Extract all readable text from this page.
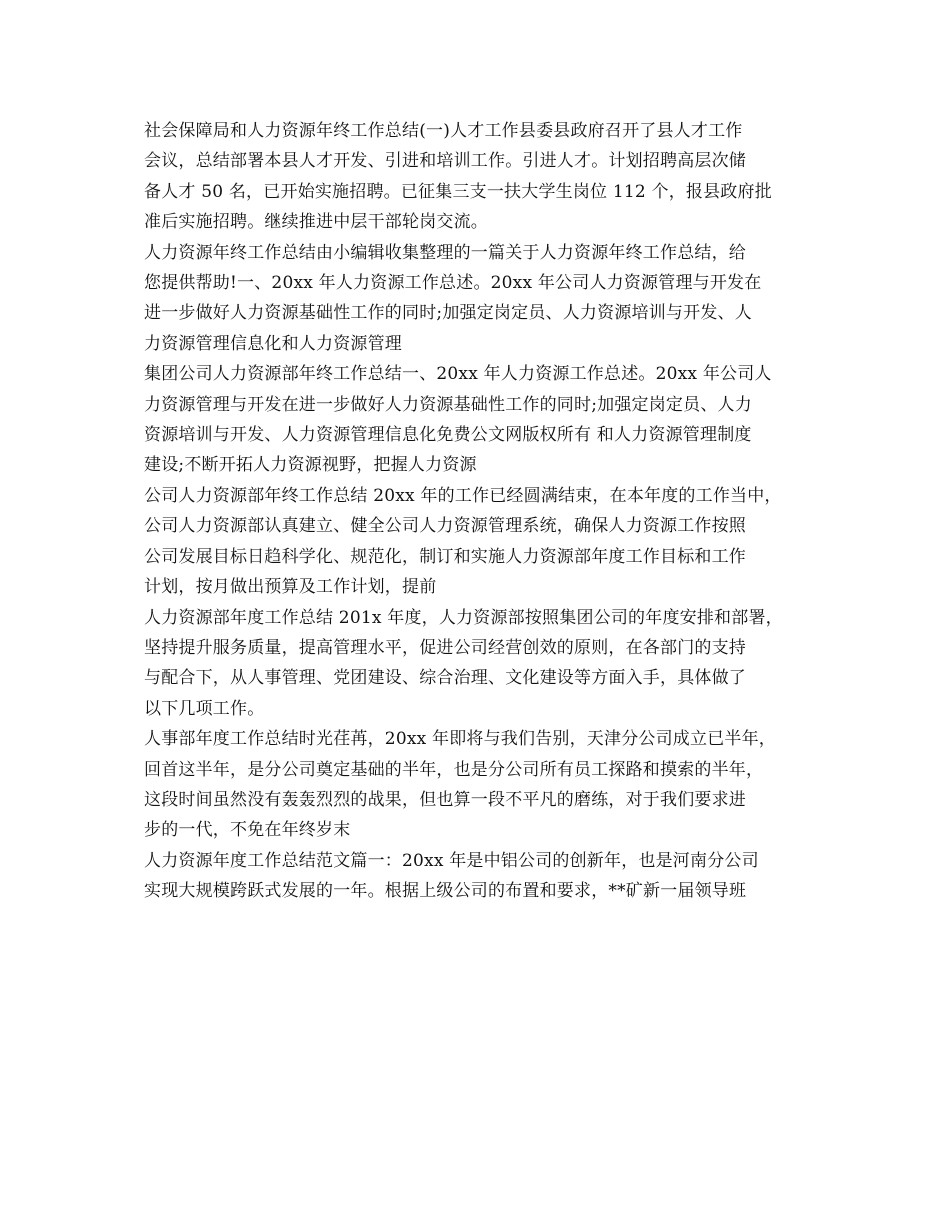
社会保障局和人力资源年终工作总结(一)人才工作县委县政府召开了县人才工作
会议，总结部署本县人才开发、引进和培训工作。引进人才。计划招聘高层次储
备人才 50 名，已开始实施招聘。已征集三支一扶大学生岗位 112 个，报县政府批
准后实施招聘。继续推进中层干部轮岗交流。

人力资源年终工作总结由小编辑收集整理的一篇关于人力资源年终工作总结，给
您提供帮助!一、20xx 年人力资源工作总述。20xx 年公司人力资源管理与开发在
进一步做好人力资源基础性工作的同时;加强定岗定员、人力资源培训与开发、人
力资源管理信息化和人力资源管理

集团公司人力资源部年终工作总结一、20xx 年人力资源工作总述。20xx 年公司人
力资源管理与开发在进一步做好人力资源基础性工作的同时;加强定岗定员、人力
资源培训与开发、人力资源管理信息化免费公文网版权所有 和人力资源管理制度
建设;不断开拓人力资源视野，把握人力资源

公司人力资源部年终工作总结 20xx 年的工作已经圆满结束，在本年度的工作当中，
公司人力资源部认真建立、健全公司人力资源管理系统，确保人力资源工作按照
公司发展目标日趋科学化、规范化，制订和实施人力资源部年度工作目标和工作
计划，按月做出预算及工作计划，提前

人力资源部年度工作总结 201x 年度，人力资源部按照集团公司的年度安排和部署，
坚持提升服务质量，提高管理水平，促进公司经营创效的原则，在各部门的支持
与配合下，从人事管理、党团建设、综合治理、文化建设等方面入手，具体做了
以下几项工作。

人事部年度工作总结时光荏苒，20xx 年即将与我们告别，天津分公司成立已半年，
回首这半年，是分公司奠定基础的半年，也是分公司所有员工探路和摸索的半年，
这段时间虽然没有轰轰烈烈的战果，但也算一段不平凡的磨练，对于我们要求进
步的一代，不免在年终岁末

人力资源年度工作总结范文篇一：20xx 年是中铝公司的创新年，也是河南分公司
实现大规模跨跃式发展的一年。根据上级公司的布置和要求，**矿新一届领导班
